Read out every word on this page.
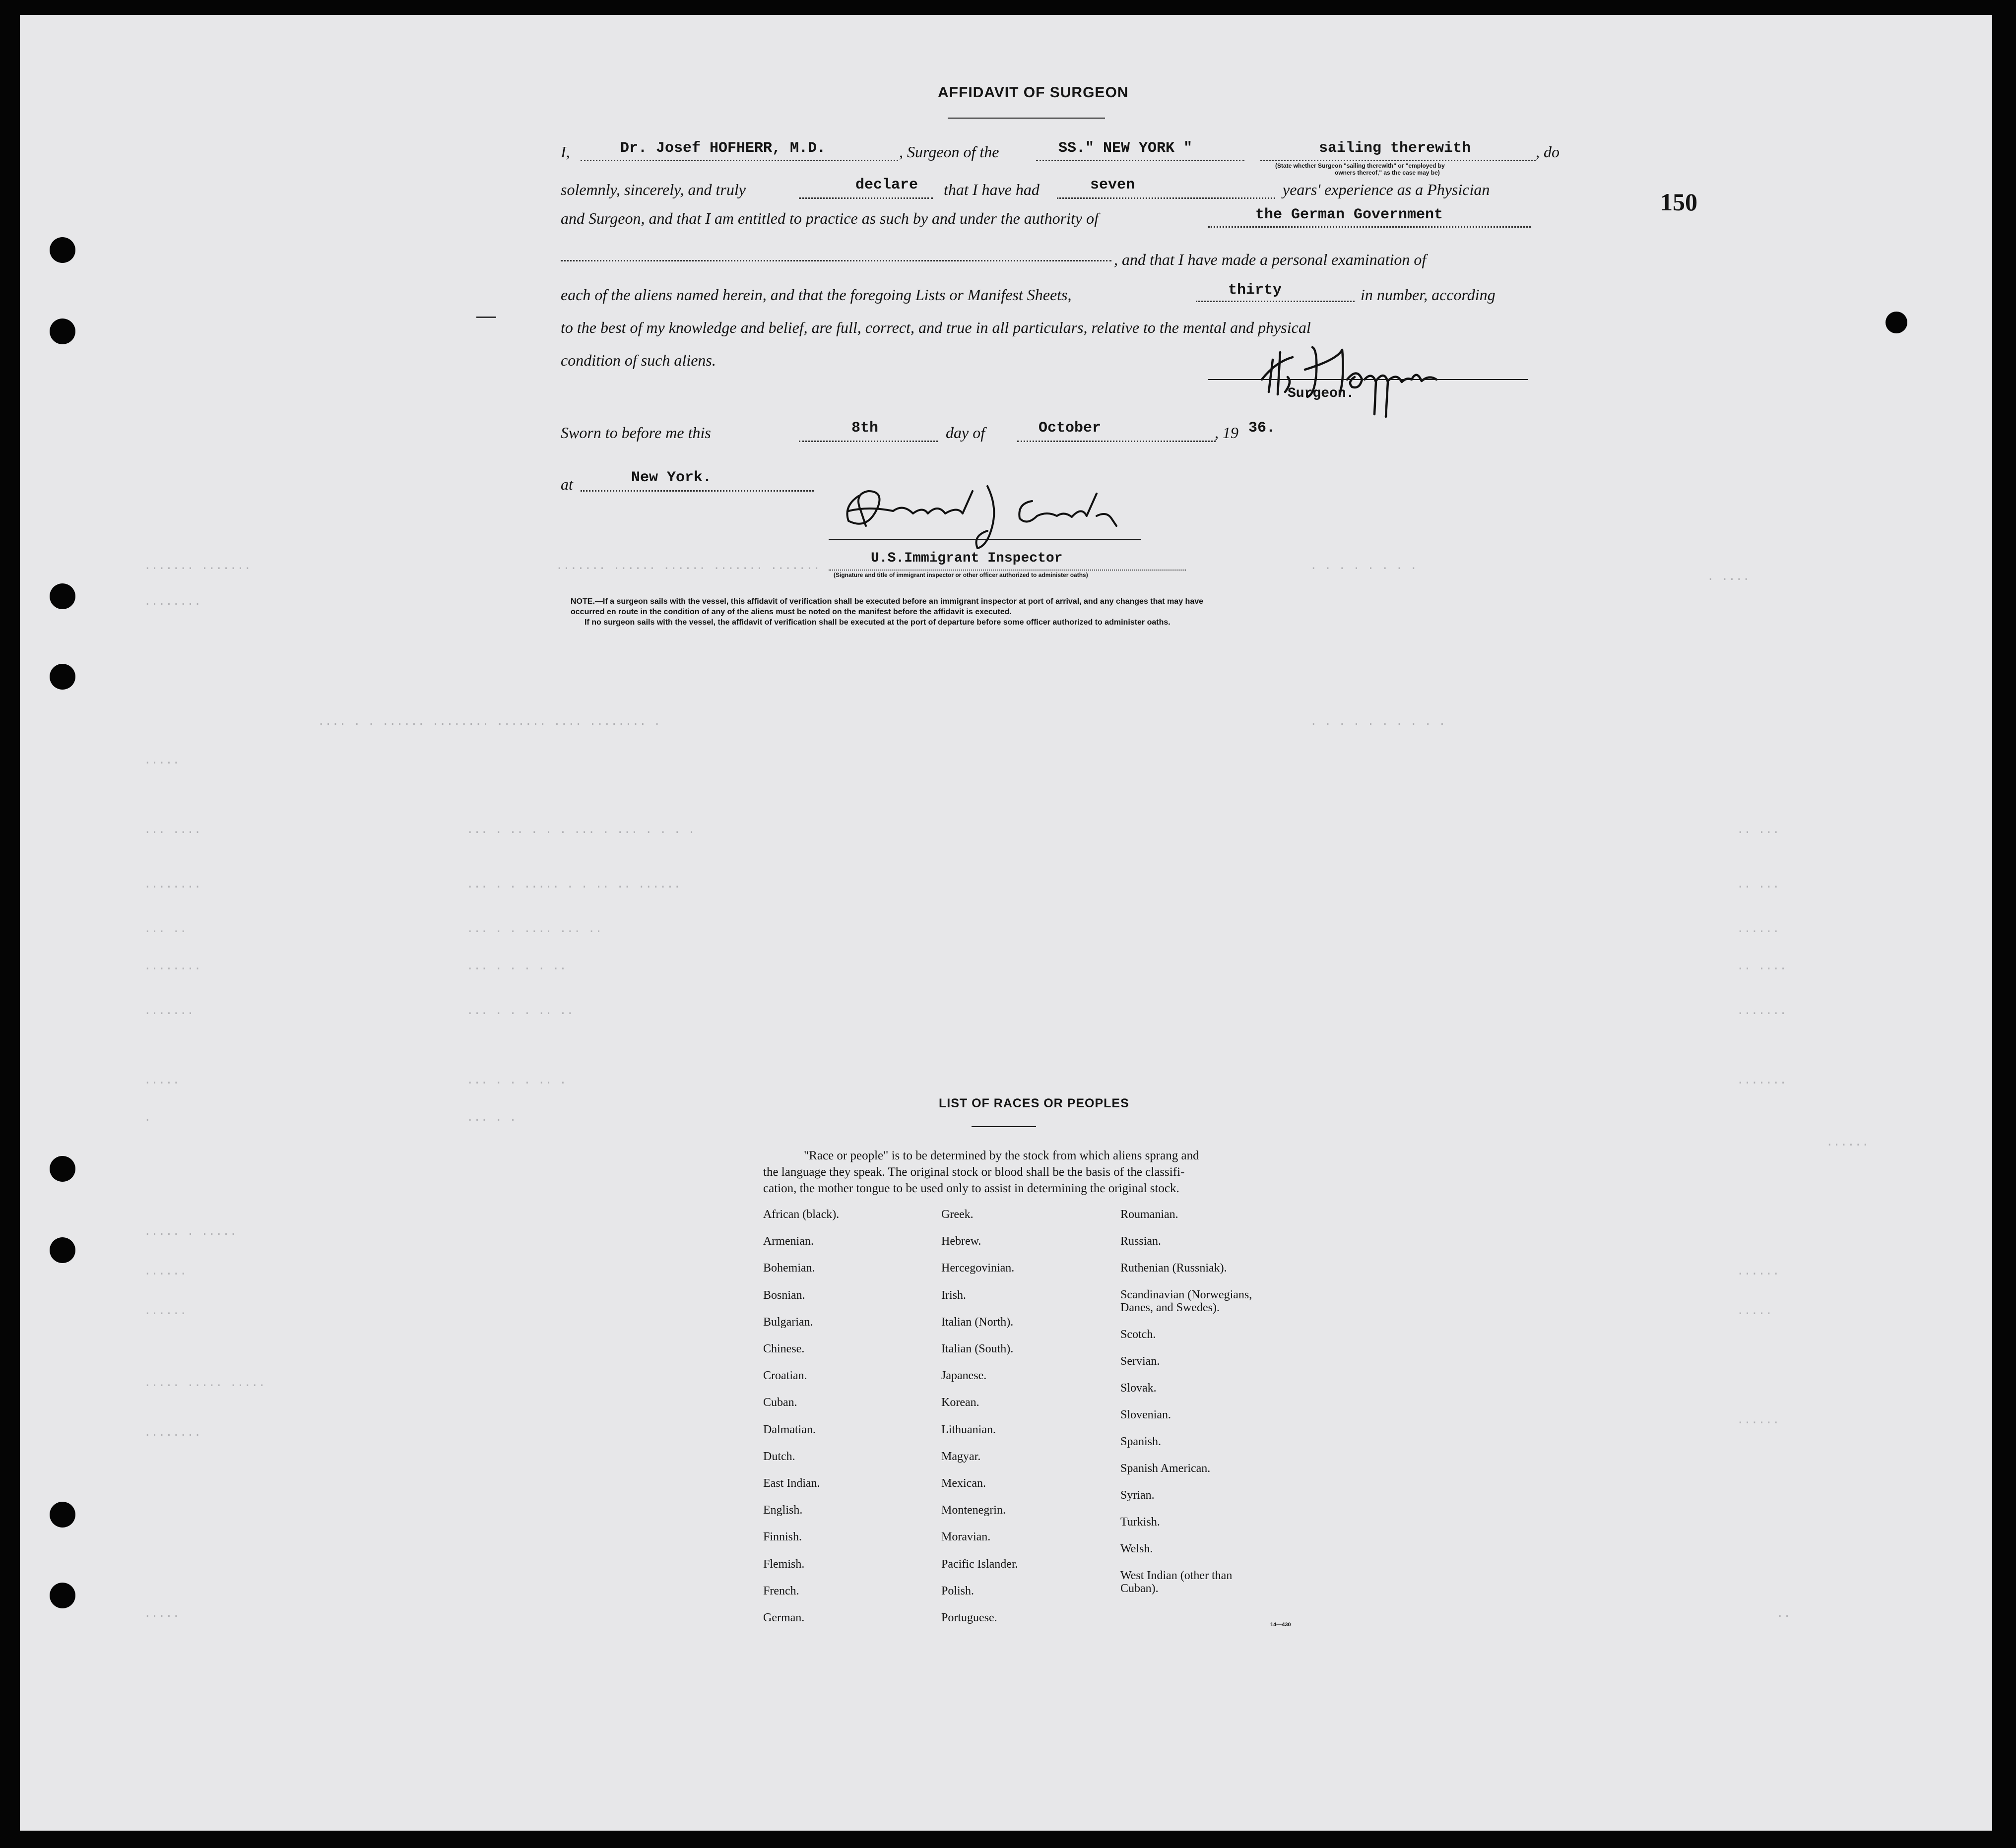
....... .......
........
....... ...... ...... ....... .......	. . . . . . . .
. ....
.... . . ...... ........ ....... .... ........ .	. . . . . . . . . .
.....
... ....	... . .. . . . ... . ... . . . .	.. ...
........	... . . ..... . . .. .. ......	.. ...
... ..	... . . .... ... ..	......
........	... . . . . ..	.. ....
.......	... . . . .. ..	.......
.....	... . . . .. .	.......
.	... . .
......
..... . .....
......
......
..... ..... .....
........
......
.....
......
.....	..
150
AFFIDAVIT OF SURGEON
I,	Dr. Josef HOFHERR, M.D.	, Surgeon of the	SS." NEW YORK "	sailing therewith	, do
(State whether Surgeon "sailing therewith" or "employed by
owners thereof," as the case may be)
solemnly, sincerely, and truly	declare that I have had	seven	years' experience as a Physician
and Surgeon, and that I am entitled to practice as such by and under the authority of	the German Government
, and that I have made a personal examination of
each of the aliens named herein, and that the foregoing Lists or Manifest Sheets,	thirty	in number, according
to the best of my knowledge and belief, are full, correct, and true in all particulars, relative to the mental and physical
condition of such aliens.
Surgeon.
Sworn to before me this	8th	day of	October	, 19 36.
at	New York.
U.S.Immigrant Inspector
(Signature and title of immigrant inspector or other officer authorized to administer oaths)
NOTE.—If a surgeon sails with the vessel, this affidavit of verification shall be executed before an immigrant inspector at port of arrival, and any changes that may have
occurred en route in the condition of any of the aliens must be noted on the manifest before the affidavit is executed.
If no surgeon sails with the vessel, the affidavit of verification shall be executed at the port of departure before some officer authorized to administer oaths.
LIST OF RACES OR PEOPLES
"Race or people" is to be determined by the stock from which aliens sprang and
the language they speak. The original stock or blood shall be the basis of the classifi-
cation, the mother tongue to be used only to assist in determining the original stock.
African (black).
Armenian.
Bohemian.
Bosnian.
Bulgarian.
Chinese.
Croatian.
Cuban.
Dalmatian.
Dutch.
East Indian.
English.
Finnish.
Flemish.
French.
German.
Greek.
Hebrew.
Hercegovinian.
Irish.
Italian (North).
Italian (South).
Japanese.
Korean.
Lithuanian.
Magyar.
Mexican.
Montenegrin.
Moravian.
Pacific Islander.
Polish.
Portuguese.
Roumanian.
Russian.
Ruthenian (Russniak).
Scandinavian (Norwegians,
Danes, and Swedes).
Scotch.
Servian.
Slovak.
Slovenian.
Spanish.
Spanish American.
Syrian.
Turkish.
Welsh.
West Indian (other than
Cuban).
14—430
